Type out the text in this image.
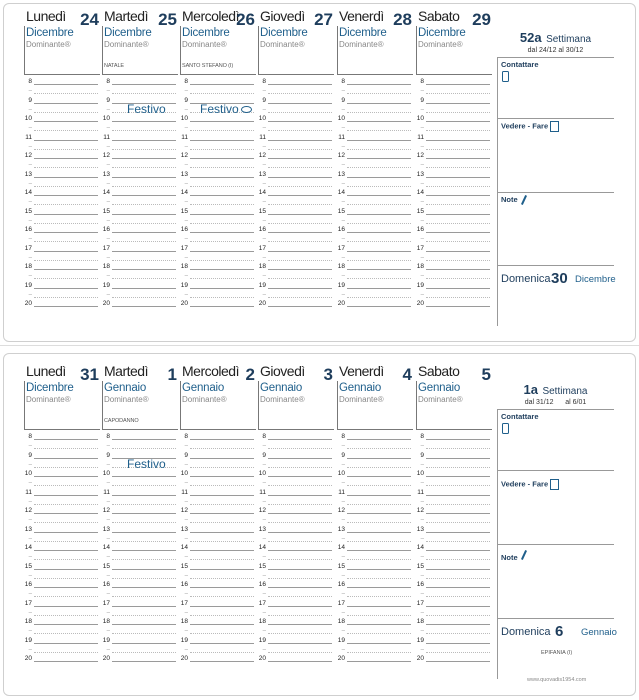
Lunedì 24
Dicembre
Dominante®
8
–
9
–
10
–
11
–
12
–
13
–
14
–
15
–
16
–
17
–
18
–
19
–
20
Martedì 25
Dicembre
Dominante®
NATALE
8
–
9
–
10
–
11
–
12
–
13
–
14
–
15
–
16
–
17
–
18
–
19
–
20
Mercoledì
26
Dicembre
Dominante®
SANTO STEFANO (I)
8
–
9
–
10
–
11
–
12
–
13
–
14
–
15
–
16
–
17
–
18
–
19
–
20
Giovedì 27
Dicembre
Dominante®
8
–
9
–
10
–
11
–
12
–
13
–
14
–
15
–
16
–
17
–
18
–
19
–
20
Venerdì 28
Dicembre
Dominante®
8
–
9
–
10
–
11
–
12
–
13
–
14
–
15
–
16
–
17
–
18
–
19
–
20
Sabato 29
Dicembre
Dominante®
8
–
9
–
10
–
11
–
12
–
13
–
14
–
15
–
16
–
17
–
18
–
19
–
20
Lunedì 31
Dicembre
Dominante®
8
–
9
–
10
–
11
–
12
–
13
–
14
–
15
–
16
–
17
–
18
–
19
–
20
Martedì 1
Gennaio
Dominante®
CAPODANNO
8
–
9
–
10
–
11
–
12
–
13
–
14
–
15
–
16
–
17
–
18
–
19
–
20
Mercoledì 2
Gennaio
Dominante®
8
–
9
–
10
–
11
–
12
–
13
–
14
–
15
–
16
–
17
–
18
–
19
–
20
Giovedì 3
Gennaio
Dominante®
8
–
9
–
10
–
11
–
12
–
13
–
14
–
15
–
16
–
17
–
18
–
19
–
20
Venerdì 4
Gennaio
Dominante®
8
–
9
–
10
–
11
–
12
–
13
–
14
–
15
–
16
–
17
–
18
–
19
–
20
Sabato 5
Gennaio
Dominante®
8
–
9
–
10
–
11
–
12
–
13
–
14
–
15
–
16
–
17
–
18
–
19
–
20
Festivo	Festivo
Festivo
52a Settimana
dal 24/12 al 30/12
Contattare
Vedere - Fare
Note
Domenica 30 Dicembre
1a Settimana
dal 31/12 al 6/01
Contattare
Vedere - Fare
Note
Domenica 6 Gennaio
EPIFANIA (I)
www.quovadis1954.com
